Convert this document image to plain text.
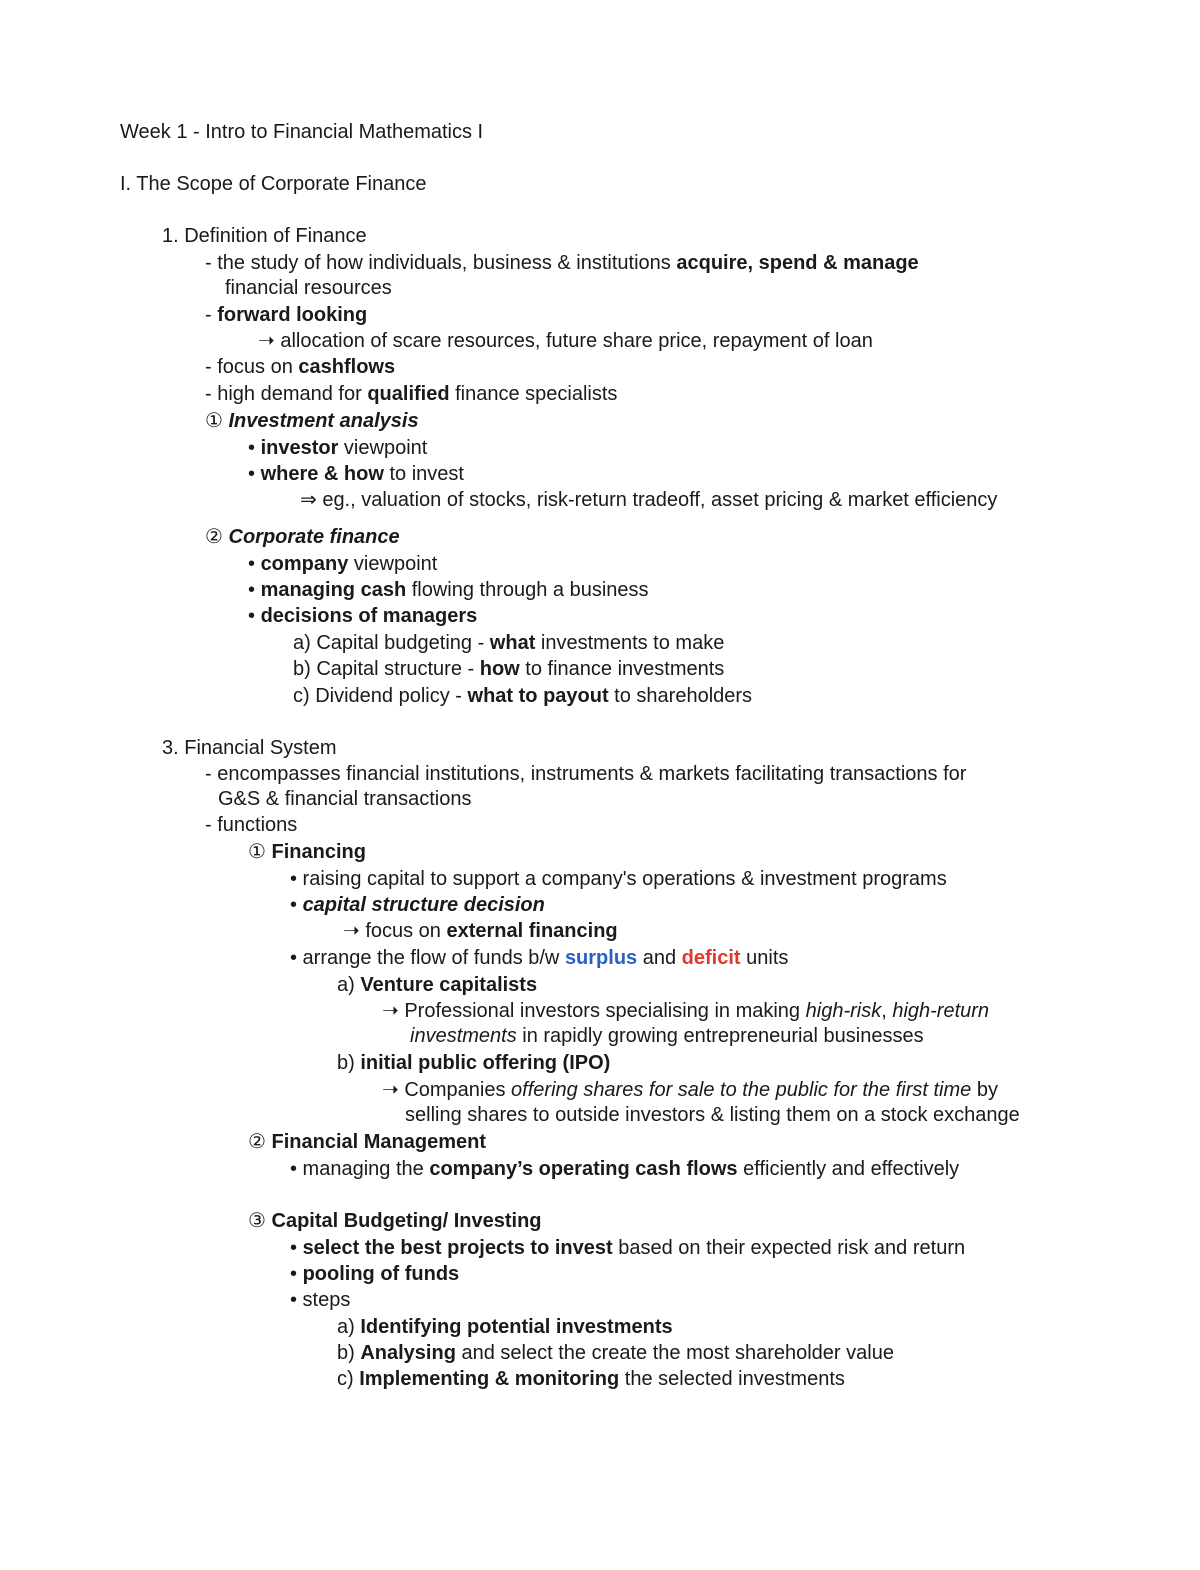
Week 1 - Intro to Financial Mathematics I
I. The Scope of Corporate Finance
1. Definition of Finance
- the study of how individuals, business & institutions acquire, spend & manage
financial resources
- forward looking
➝ allocation of scare resources, future share price, repayment of loan
- focus on cashflows
- high demand for qualified finance specialists
① Investment analysis
• investor viewpoint
• where & how to invest
⇒ eg., valuation of stocks, risk-return tradeoff, asset pricing & market efficiency
② Corporate finance
• company viewpoint
• managing cash flowing through a business
• decisions of managers
a) Capital budgeting - what investments to make
b) Capital structure - how to finance investments
c) Dividend policy - what to payout to shareholders
3. Financial System
- encompasses financial institutions, instruments & markets facilitating transactions for
G&S & financial transactions
- functions
① Financing
• raising capital to support a company's operations & investment programs
• capital structure decision
➝ focus on external financing
• arrange the flow of funds b/w surplus and deficit units
a) Venture capitalists
➝ Professional investors specialising in making high-risk, high-return
investments in rapidly growing entrepreneurial businesses
b) initial public offering (IPO)
➝ Companies offering shares for sale to the public for the first time by
selling shares to outside investors & listing them on a stock exchange
② Financial Management
• managing the company’s operating cash flows efficiently and effectively
③ Capital Budgeting/ Investing
• select the best projects to invest based on their expected risk and return
• pooling of funds
• steps
a) Identifying potential investments
b) Analysing and select the create the most shareholder value
c) Implementing & monitoring the selected investments
